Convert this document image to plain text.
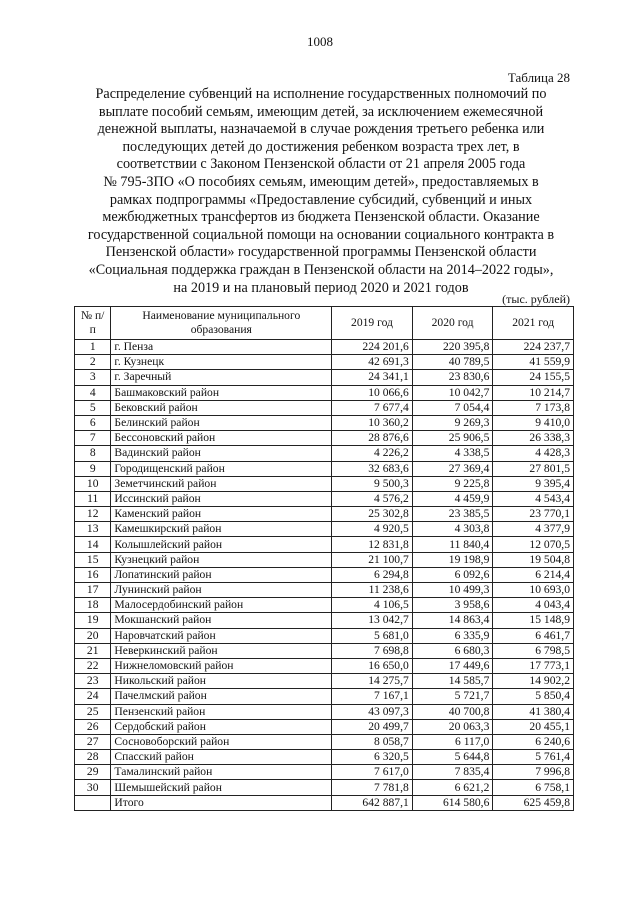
1008
Таблица 28
Распределение субвенций на исполнение государственных полномочий по
выплате пособий семьям, имеющим детей, за исключением ежемесячной
денежной выплаты, назначаемой в случае рождения третьего ребенка или
последующих детей до достижения ребенком возраста трех лет, в
соответствии с Законом Пензенской области от 21 апреля 2005 года
№ 795-ЗПО «О пособиях семьям, имеющим детей», предоставляемых в
рамках подпрограммы «Предоставление субсидий, субвенций и иных
межбюджетных трансфертов из бюджета Пензенской области. Оказание
государственной социальной помощи на основании социального контракта в
Пензенской области» государственной программы Пензенской области
«Социальная поддержка граждан в Пензенской области на 2014–2022 годы»,
на 2019 и на плановый период 2020 и 2021 годов
(тыс. рублей)
№ п/п	Наименование муниципального образования	2019 год	2020 год	2021 год
1	г. Пенза	224 201,6	220 395,8	224 237,7
2	г. Кузнецк	42 691,3	40 789,5	41 559,9
3	г. Заречный	24 341,1	23 830,6	24 155,5
4	Башмаковский район	10 066,6	10 042,7	10 214,7
5	Бековский район	7 677,4	7 054,4	7 173,8
6	Белинский район	10 360,2	9 269,3	9 410,0
7	Бессоновский район	28 876,6	25 906,5	26 338,3
8	Вадинский район	4 226,2	4 338,5	4 428,3
9	Городищенский район	32 683,6	27 369,4	27 801,5
10	Земетчинский район	9 500,3	9 225,8	9 395,4
11	Иссинский район	4 576,2	4 459,9	4 543,4
12	Каменский район	25 302,8	23 385,5	23 770,1
13	Камешкирский район	4 920,5	4 303,8	4 377,9
14	Колышлейский район	12 831,8	11 840,4	12 070,5
15	Кузнецкий район	21 100,7	19 198,9	19 504,8
16	Лопатинский район	6 294,8	6 092,6	6 214,4
17	Лунинский район	11 238,6	10 499,3	10 693,0
18	Малосердобинский район	4 106,5	3 958,6	4 043,4
19	Мокшанский район	13 042,7	14 863,4	15 148,9
20	Наровчатский район	5 681,0	6 335,9	6 461,7
21	Неверкинский район	7 698,8	6 680,3	6 798,5
22	Нижнеломовский район	16 650,0	17 449,6	17 773,1
23	Никольский район	14 275,7	14 585,7	14 902,2
24	Пачелмский район	7 167,1	5 721,7	5 850,4
25	Пензенский район	43 097,3	40 700,8	41 380,4
26	Сердобский район	20 499,7	20 063,3	20 455,1
27	Сосновоборский район	8 058,7	6 117,0	6 240,6
28	Спасский район	6 320,5	5 644,8	5 761,4
29	Тамалинский район	7 617,0	7 835,4	7 996,8
30	Шемышейский район	7 781,8	6 621,2	6 758,1
	Итого	642 887,1	614 580,6	625 459,8
